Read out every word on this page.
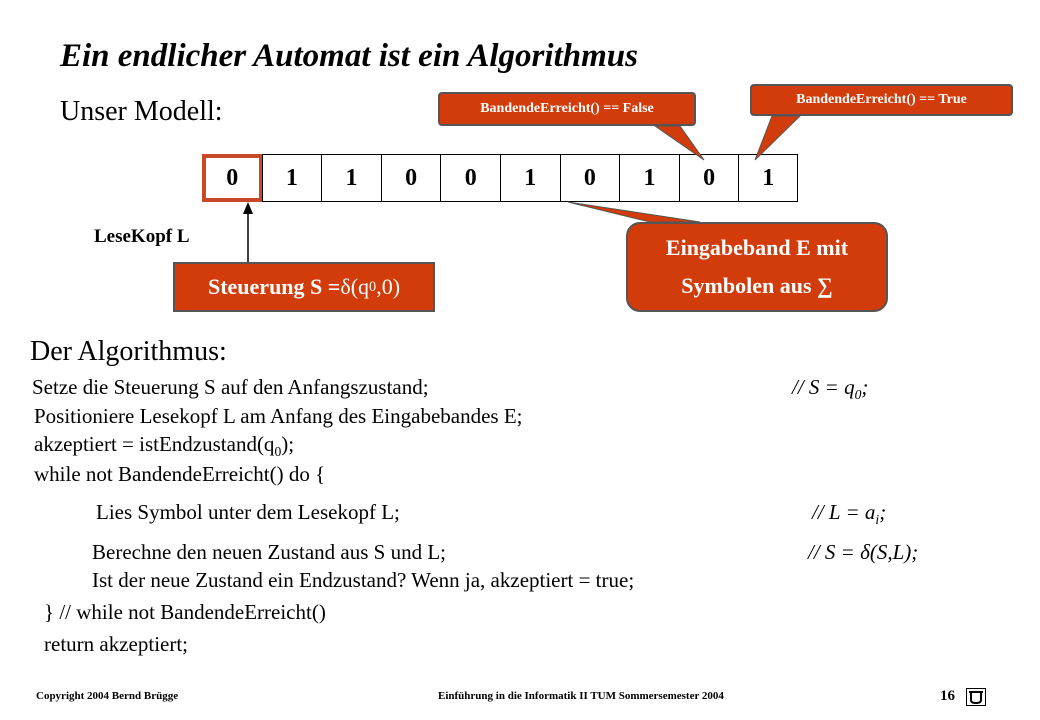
Ein endlicher Automat ist ein Algorithmus
Unser Modell:	BandendeErreicht() == False
BandendeErreicht() == True
0	1	1	0	0	1	0	1	0	1
LeseKopf L
Steuerung S = δ (q 0 ,0)
Eingabeband E mit
Symbolen aus ∑
Der Algorithmus:
Setze die Steuerung S auf den Anfangszustand;	// $S = q_0$;
Positioniere Lesekopf L am Anfang des Eingabebandes E;
akzeptiert = $istEndzustand(q_0)$;
while not BandendeErreicht() do {
Lies Symbol unter dem Lesekopf L;	// $L = a_i$;
Berechne den neuen Zustand aus S und L;	// S = δ(S,L);
Ist der neue Zustand ein Endzustand? Wenn ja, akzeptiert = true;
} // while not BandendeErreicht()
return akzeptiert;
Copyright 2004 Bernd Brügge	Einführung in die Informatik II TUM Sommersemester 2004	16
